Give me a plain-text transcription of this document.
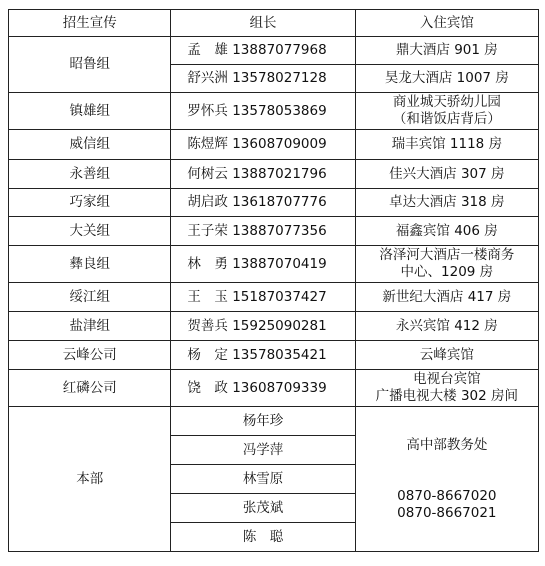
招生宣传	组长	入住宾馆
昭鲁组	孟　雄 13887077968	鼎大酒店 901 房
	舒兴洲 13578027128	昊龙大酒店 1007 房
镇雄组	罗怀兵 13578053869	商业城天骄幼儿园
（和谐饭店背后）

威信组	陈煜辉 13608709009	瑞丰宾馆 1118 房
永善组	何树云 13887021796	佳兴大酒店 307 房
巧家组	胡启政 13618707776	卓达大酒店 318 房
大关组	王子荣 13887077356	福鑫宾馆 406 房
彝良组	林　勇 13887070419	洛泽河大酒店一楼商务
中心、1209 房

绥江组	王　玉 15187037427	新世纪大酒店 417 房
盐津组	贺善兵 15925090281	永兴宾馆 412 房
云峰公司	杨　定 13578035421	云峰宾馆
红磷公司	饶　政 13608709339	电视台宾馆
广播电视大楼 302 房间

本部	杨年珍	高中部教务处
0870-8667020
0870-8667021

	冯学萍	
	林雪原	
	张茂斌	
	陈　聪	
